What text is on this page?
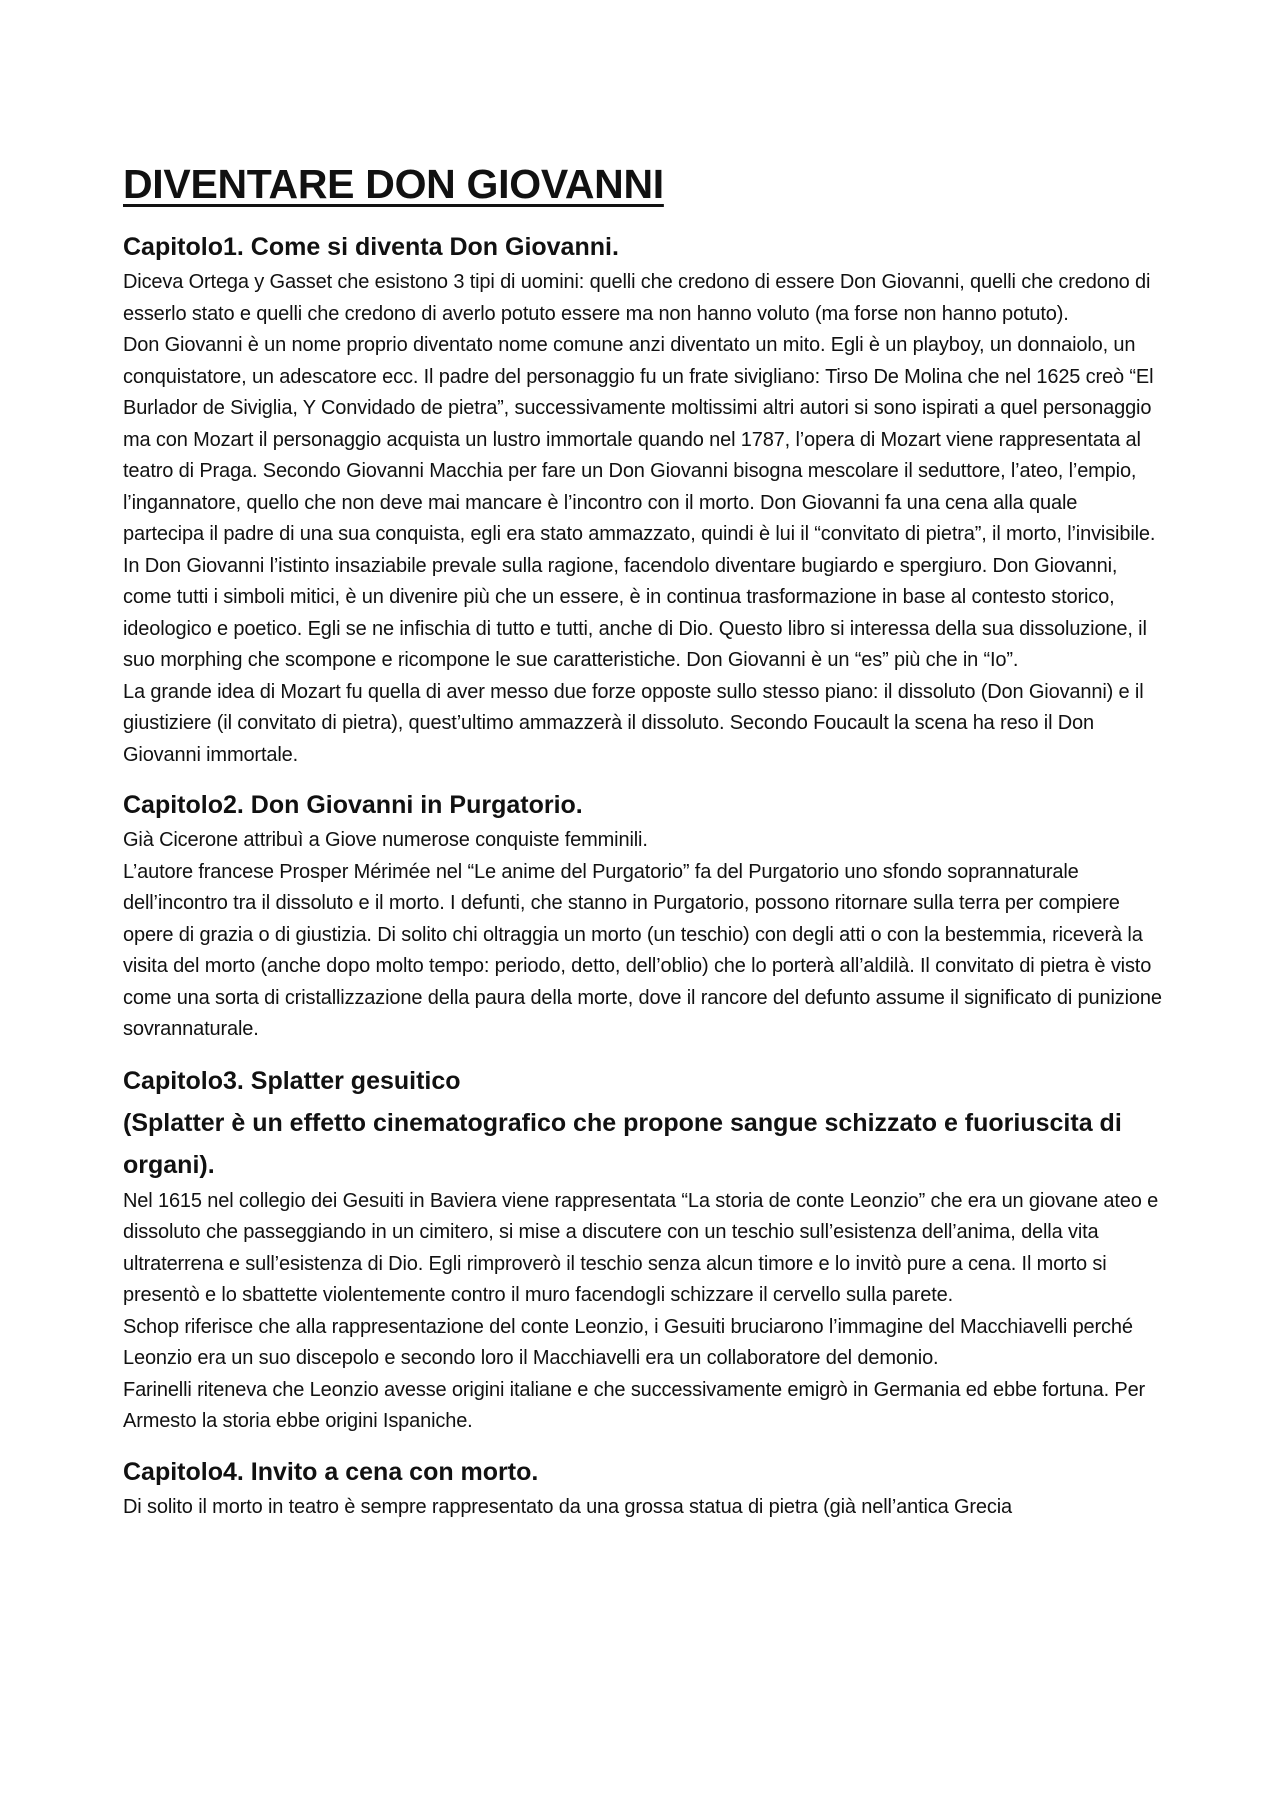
DIVENTARE DON GIOVANNI
Capitolo1. Come si diventa Don Giovanni.

Diceva Ortega y Gasset che esistono 3 tipi di uomini: quelli che credono di essere Don Giovanni, quelli che credono di esserlo stato e quelli che credono di averlo potuto essere ma non hanno voluto (ma forse non hanno potuto).

Don Giovanni è un nome proprio diventato nome comune anzi diventato un mito. Egli è un playboy, un donnaiolo, un conquistatore, un adescatore ecc. Il padre del personaggio fu un frate sivigliano: Tirso De Molina che nel 1625 creò “El Burlador de Siviglia, Y Convidado de pietra”, successivamente moltissimi altri autori si sono ispirati a quel personaggio ma con Mozart il personaggio acquista un lustro immortale quando nel 1787, l’opera di Mozart viene rappresentata al teatro di Praga. Secondo Giovanni Macchia per fare un Don Giovanni bisogna mescolare il seduttore, l’ateo, l’empio, l’ingannatore, quello che non deve mai mancare è l’incontro con il morto. Don Giovanni fa una cena alla quale partecipa il padre di una sua conquista, egli era stato ammazzato, quindi è lui il “convitato di pietra”, il morto, l’invisibile. In Don Giovanni l’istinto insaziabile prevale sulla ragione, facendolo diventare bugiardo e spergiuro. Don Giovanni, come tutti i simboli mitici, è un divenire più che un essere, è in continua trasformazione in base al contesto storico, ideologico e poetico. Egli se ne infischia di tutto e tutti, anche di Dio. Questo libro si interessa della sua dissoluzione, il suo morphing che scompone e ricompone le sue caratteristiche. Don Giovanni è un “es” più che in “Io”.

La grande idea di Mozart fu quella di aver messo due forze opposte sullo stesso piano: il dissoluto (Don Giovanni) e il giustiziere (il convitato di pietra), quest’ultimo ammazzerà il dissoluto. Secondo Foucault la scena ha reso il Don Giovanni immortale.

Capitolo2. Don Giovanni in Purgatorio.

Già Cicerone attribuì a Giove numerose conquiste femminili.

L’autore francese Prosper Mérimée nel “Le anime del Purgatorio” fa del Purgatorio uno sfondo soprannaturale dell’incontro tra il dissoluto e il morto. I defunti, che stanno in Purgatorio, possono ritornare sulla terra per compiere opere di grazia o di giustizia. Di solito chi oltraggia un morto (un teschio) con degli atti o con la bestemmia, riceverà la visita del morto (anche dopo molto tempo: periodo, detto, dell’oblio) che lo porterà all’aldilà. Il convitato di pietra è visto come una sorta di cristallizzazione della paura della morte, dove il rancore del defunto assume il significato di punizione sovrannaturale.

Capitolo3. Splatter gesuitico
(Splatter è un effetto cinematografico che propone sangue schizzato e fuoriuscita di organi).

Nel 1615 nel collegio dei Gesuiti in Baviera viene rappresentata “La storia de conte Leonzio” che era un giovane ateo e dissoluto che passeggiando in un cimitero, si mise a discutere con un teschio sull’esistenza dell’anima, della vita ultraterrena e sull’esistenza di Dio. Egli rimproverò il teschio senza alcun timore e lo invitò pure a cena. Il morto si presentò e lo sbattette violentemente contro il muro facendogli schizzare il cervello sulla parete.

Schop riferisce che alla rappresentazione del conte Leonzio, i Gesuiti bruciarono l’immagine del Macchiavelli perché Leonzio era un suo discepolo e secondo loro il Macchiavelli era un collaboratore del demonio.

Farinelli riteneva che Leonzio avesse origini italiane e che successivamente emigrò in Germania ed ebbe fortuna. Per Armesto la storia ebbe origini Ispaniche.

Capitolo4. Invito a cena con morto.

Di solito il morto in teatro è sempre rappresentato da una grossa statua di pietra (già nell’antica Grecia
